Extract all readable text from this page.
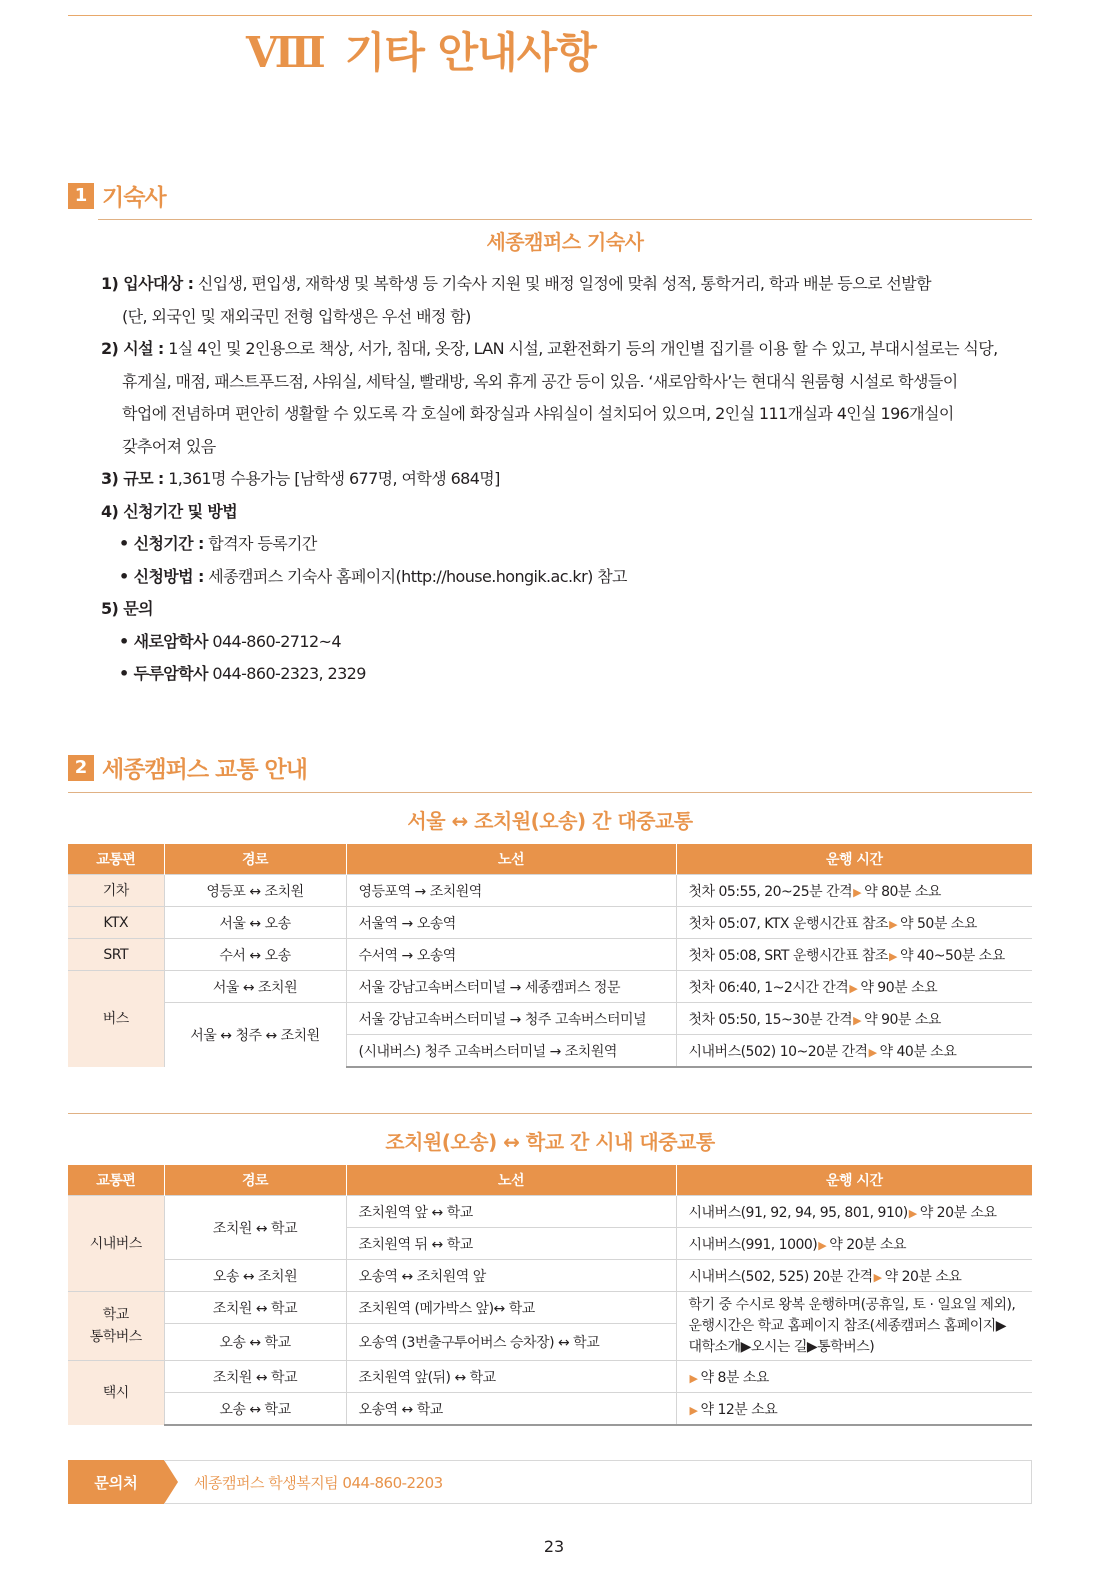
Ⅷ 기타 안내사항
1 기숙사
세종캠퍼스 기숙사
1) 입사대상 : 신입생, 편입생, 재학생 및 복학생 등 기숙사 지원 및 배정 일정에 맞춰 성적, 통학거리, 학과 배분 등으로 선발함
(단, 외국인 및 재외국민 전형 입학생은 우선 배정 함)
2) 시설 : 1실 4인 및 2인용으로 책상, 서가, 침대, 옷장, LAN 시설, 교환전화기 등의 개인별 집기를 이용 할 수 있고, 부대시설로는 식당,
휴게실, 매점, 패스트푸드점, 샤워실, 세탁실, 빨래방, 옥외 휴게 공간 등이 있음. ‘새로암학사’는 현대식 원룸형 시설로 학생들이
학업에 전념하며 편안히 생활할 수 있도록 각 호실에 화장실과 샤워실이 설치되어 있으며, 2인실 111개실과 4인실 196개실이
갖추어져 있음
3) 규모 : 1,361명 수용가능 [남학생 677명, 여학생 684명]
4) 신청기간 및 방법
• 신청기간 : 합격자 등록기간
• 신청방법 : 세종캠퍼스 기숙사 홈페이지(http://house.hongik.ac.kr) 참고
5) 문의
• 새로암학사 044-860-2712~4
• 두루암학사 044-860-2323, 2329
2 세종캠퍼스 교통 안내
서울 ↔ 조치원(오송) 간 대중교통
교통편	경로	노선	운행 시간
기차	영등포 ↔ 조치원	영등포역 → 조치원역	첫차 05:55, 20~25분 간격▶ 약 80분 소요
KTX	서울 ↔ 오송	서울역 → 오송역	첫차 05:07, KTX 운행시간표 참조▶ 약 50분 소요
SRT	수서 ↔ 오송	수서역 → 오송역	첫차 05:08, SRT 운행시간표 참조▶ 약 40~50분 소요
버스	서울 ↔ 조치원	서울 강남고속버스터미널 → 세종캠퍼스 정문	첫차 06:40, 1~2시간 간격▶ 약 90분 소요
	서울 ↔ 청주 ↔ 조치원	서울 강남고속버스터미널 → 청주 고속버스터미널	첫차 05:50, 15~30분 간격▶ 약 90분 소요
		(시내버스) 청주 고속버스터미널 → 조치원역	시내버스(502) 10~20분 간격▶ 약 40분 소요
조치원(오송) ↔ 학교 간 시내 대중교통
교통편	경로	노선	운행 시간
시내버스	조치원 ↔ 학교	조치원역 앞 ↔ 학교	시내버스(91, 92, 94, 95, 801, 910)▶ 약 20분 소요
		조치원역 뒤 ↔ 학교	시내버스(991, 1000)▶ 약 20분 소요
	오송 ↔ 조치원	오송역 ↔ 조치원역 앞	시내버스(502, 525) 20분 간격▶ 약 20분 소요
학교
통학버스	조치원 ↔ 학교	조치원역 (메가박스 앞)↔ 학교	학기 중 수시로 왕복 운행하며(공휴일, 토 · 일요일 제외),
운행시간은 학교 홈페이지 참조(세종캠퍼스 홈페이지▶
대학소개▶오시는 길▶통학버스)
	오송 ↔ 학교	오송역 (3번출구투어버스 승차장) ↔ 학교	
택시	조치원 ↔ 학교	조치원역 앞(뒤) ↔ 학교	▶ 약 8분 소요
	오송 ↔ 학교	오송역 ↔ 학교	▶ 약 12분 소요
문의처	세종캠퍼스 학생복지팀 044-860-2203
23
